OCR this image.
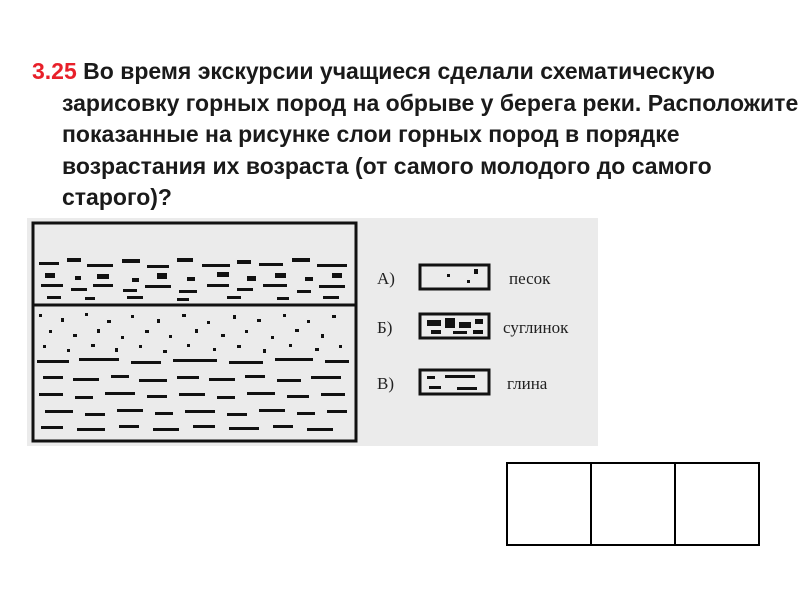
3.25 Во время экскурсии учащиеся сделали схематическую зарисовку горных пород на обрыве у берега реки. Расположите показанные на рисунке слои горных пород в порядке возрастания их возраста (от самого молодого до самого старого)?
А)	песок
Б)	суглинок
В)	глина
